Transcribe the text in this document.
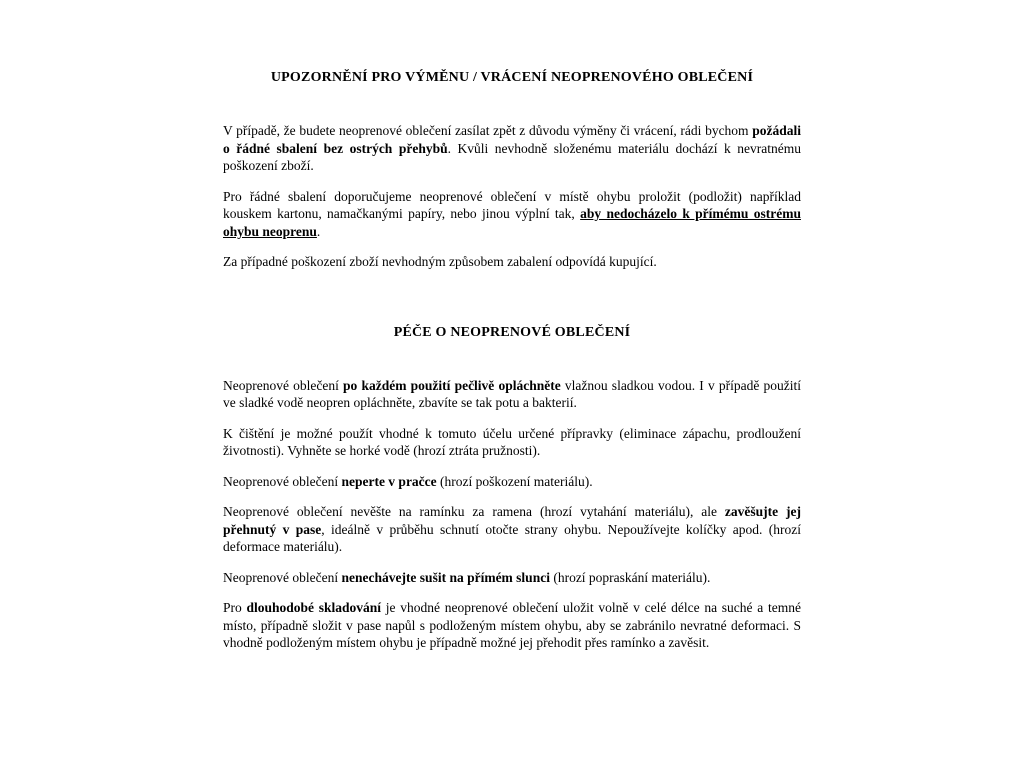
UPOZORNĚNÍ PRO VÝMĚNU / VRÁCENÍ NEOPRENOVÉHO OBLEČENÍ

V případě, že budete neoprenové oblečení zasílat zpět z důvodu výměny či vrácení, rádi bychom požádali o řádné sbalení bez ostrých přehybů. Kvůli nevhodně složenému materiálu dochází k nevratnému poškození zboží.

Pro řádné sbalení doporučujeme neoprenové oblečení v místě ohybu proložit (podložit) například kouskem kartonu, namačkanými papíry, nebo jinou výplní tak, aby nedocházelo k přímému ostrému ohybu neoprenu.

Za případné poškození zboží nevhodným způsobem zabalení odpovídá kupující.

PÉČE O NEOPRENOVÉ OBLEČENÍ

Neoprenové oblečení po každém použití pečlivě opláchněte vlažnou sladkou vodou. I v případě použití ve sladké vodě neopren opláchněte, zbavíte se tak potu a bakterií.

K čištění je možné použít vhodné k tomuto účelu určené přípravky (eliminace zápachu, prodloužení životnosti). Vyhněte se horké vodě (hrozí ztráta pružnosti).

Neoprenové oblečení neperte v pračce (hrozí poškození materiálu).

Neoprenové oblečení nevěšte na ramínku za ramena (hrozí vytahání materiálu), ale zavěšujte jej přehnutý v pase, ideálně v průběhu schnutí otočte strany ohybu. Nepoužívejte kolíčky apod. (hrozí deformace materiálu).

Neoprenové oblečení nenechávejte sušit na přímém slunci (hrozí popraskání materiálu).

Pro dlouhodobé skladování je vhodné neoprenové oblečení uložit volně v celé délce na suché a temné místo, případně složit v pase napůl s podloženým místem ohybu, aby se zabránilo nevratné deformaci. S vhodně podloženým místem ohybu je případně možné jej přehodit přes ramínko a zavěsit.
